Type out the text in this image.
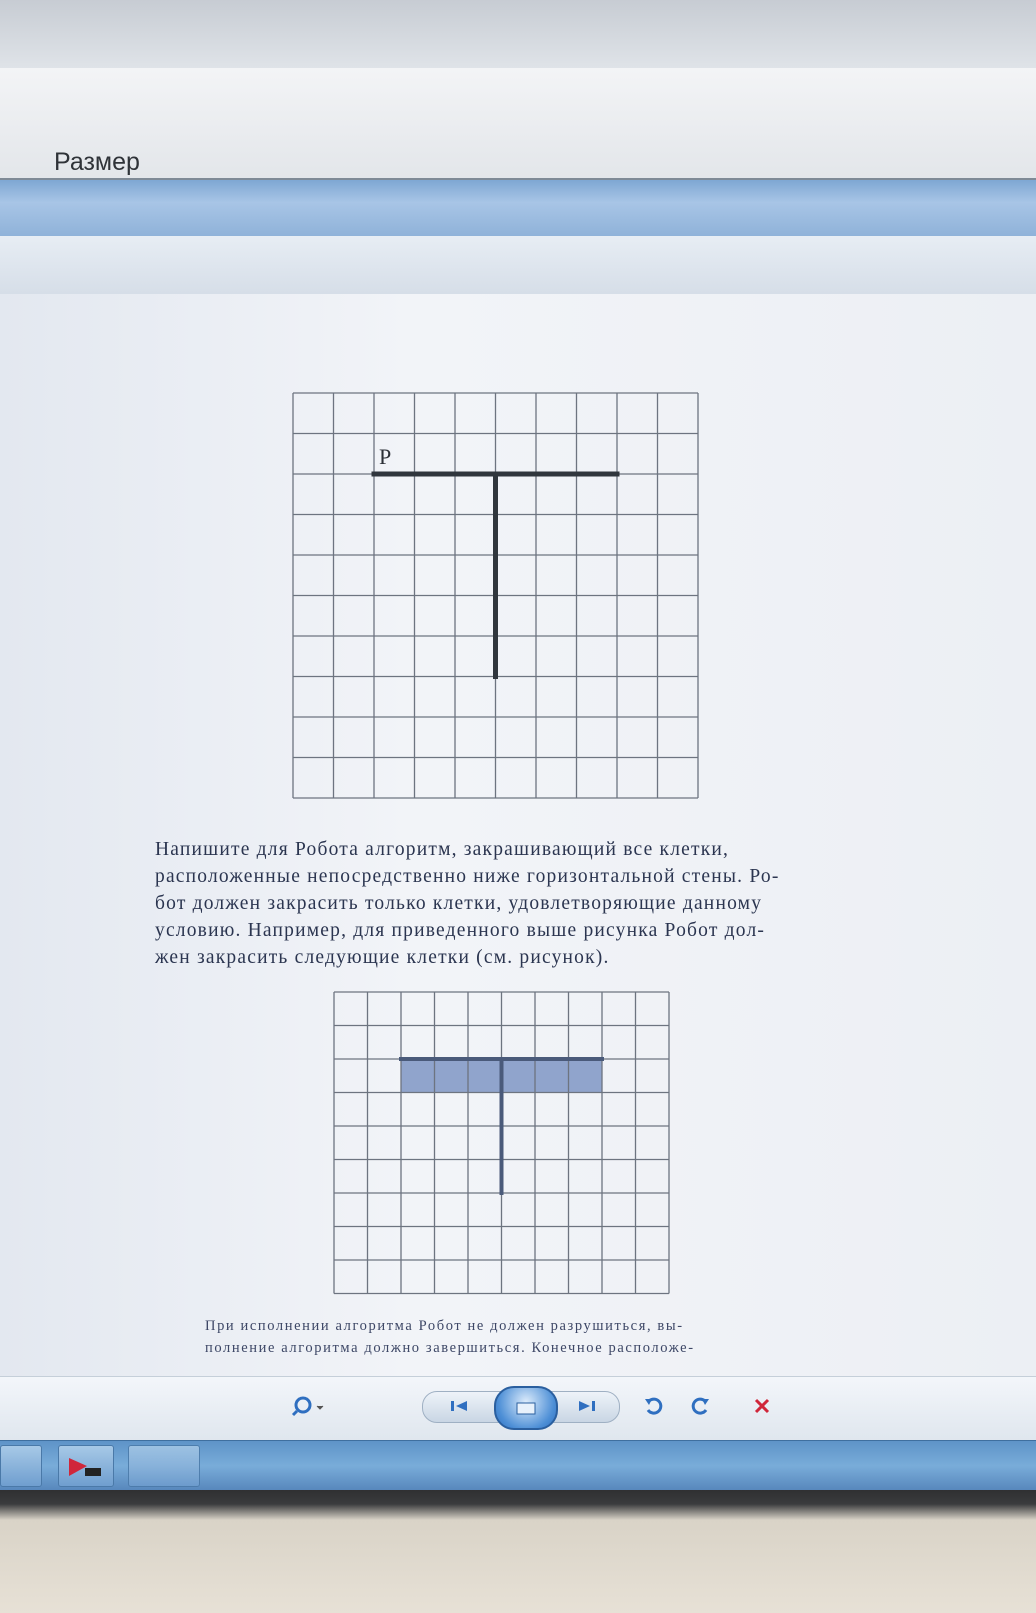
Размер
Р

Напишите для Робота алгоритм, закрашивающий все клетки,

расположенные непосредственно ниже горизонтальной стены. Ро-

бот должен закрасить только клетки, удовлетворяющие данному

условию. Например, для приведенного выше рисунка Робот дол-

жен закрасить следующие клетки (см. рисунок).

При исполнении алгоритма Робот не должен разрушиться, вы-

полнение алгоритма должно завершиться. Конечное расположе-
